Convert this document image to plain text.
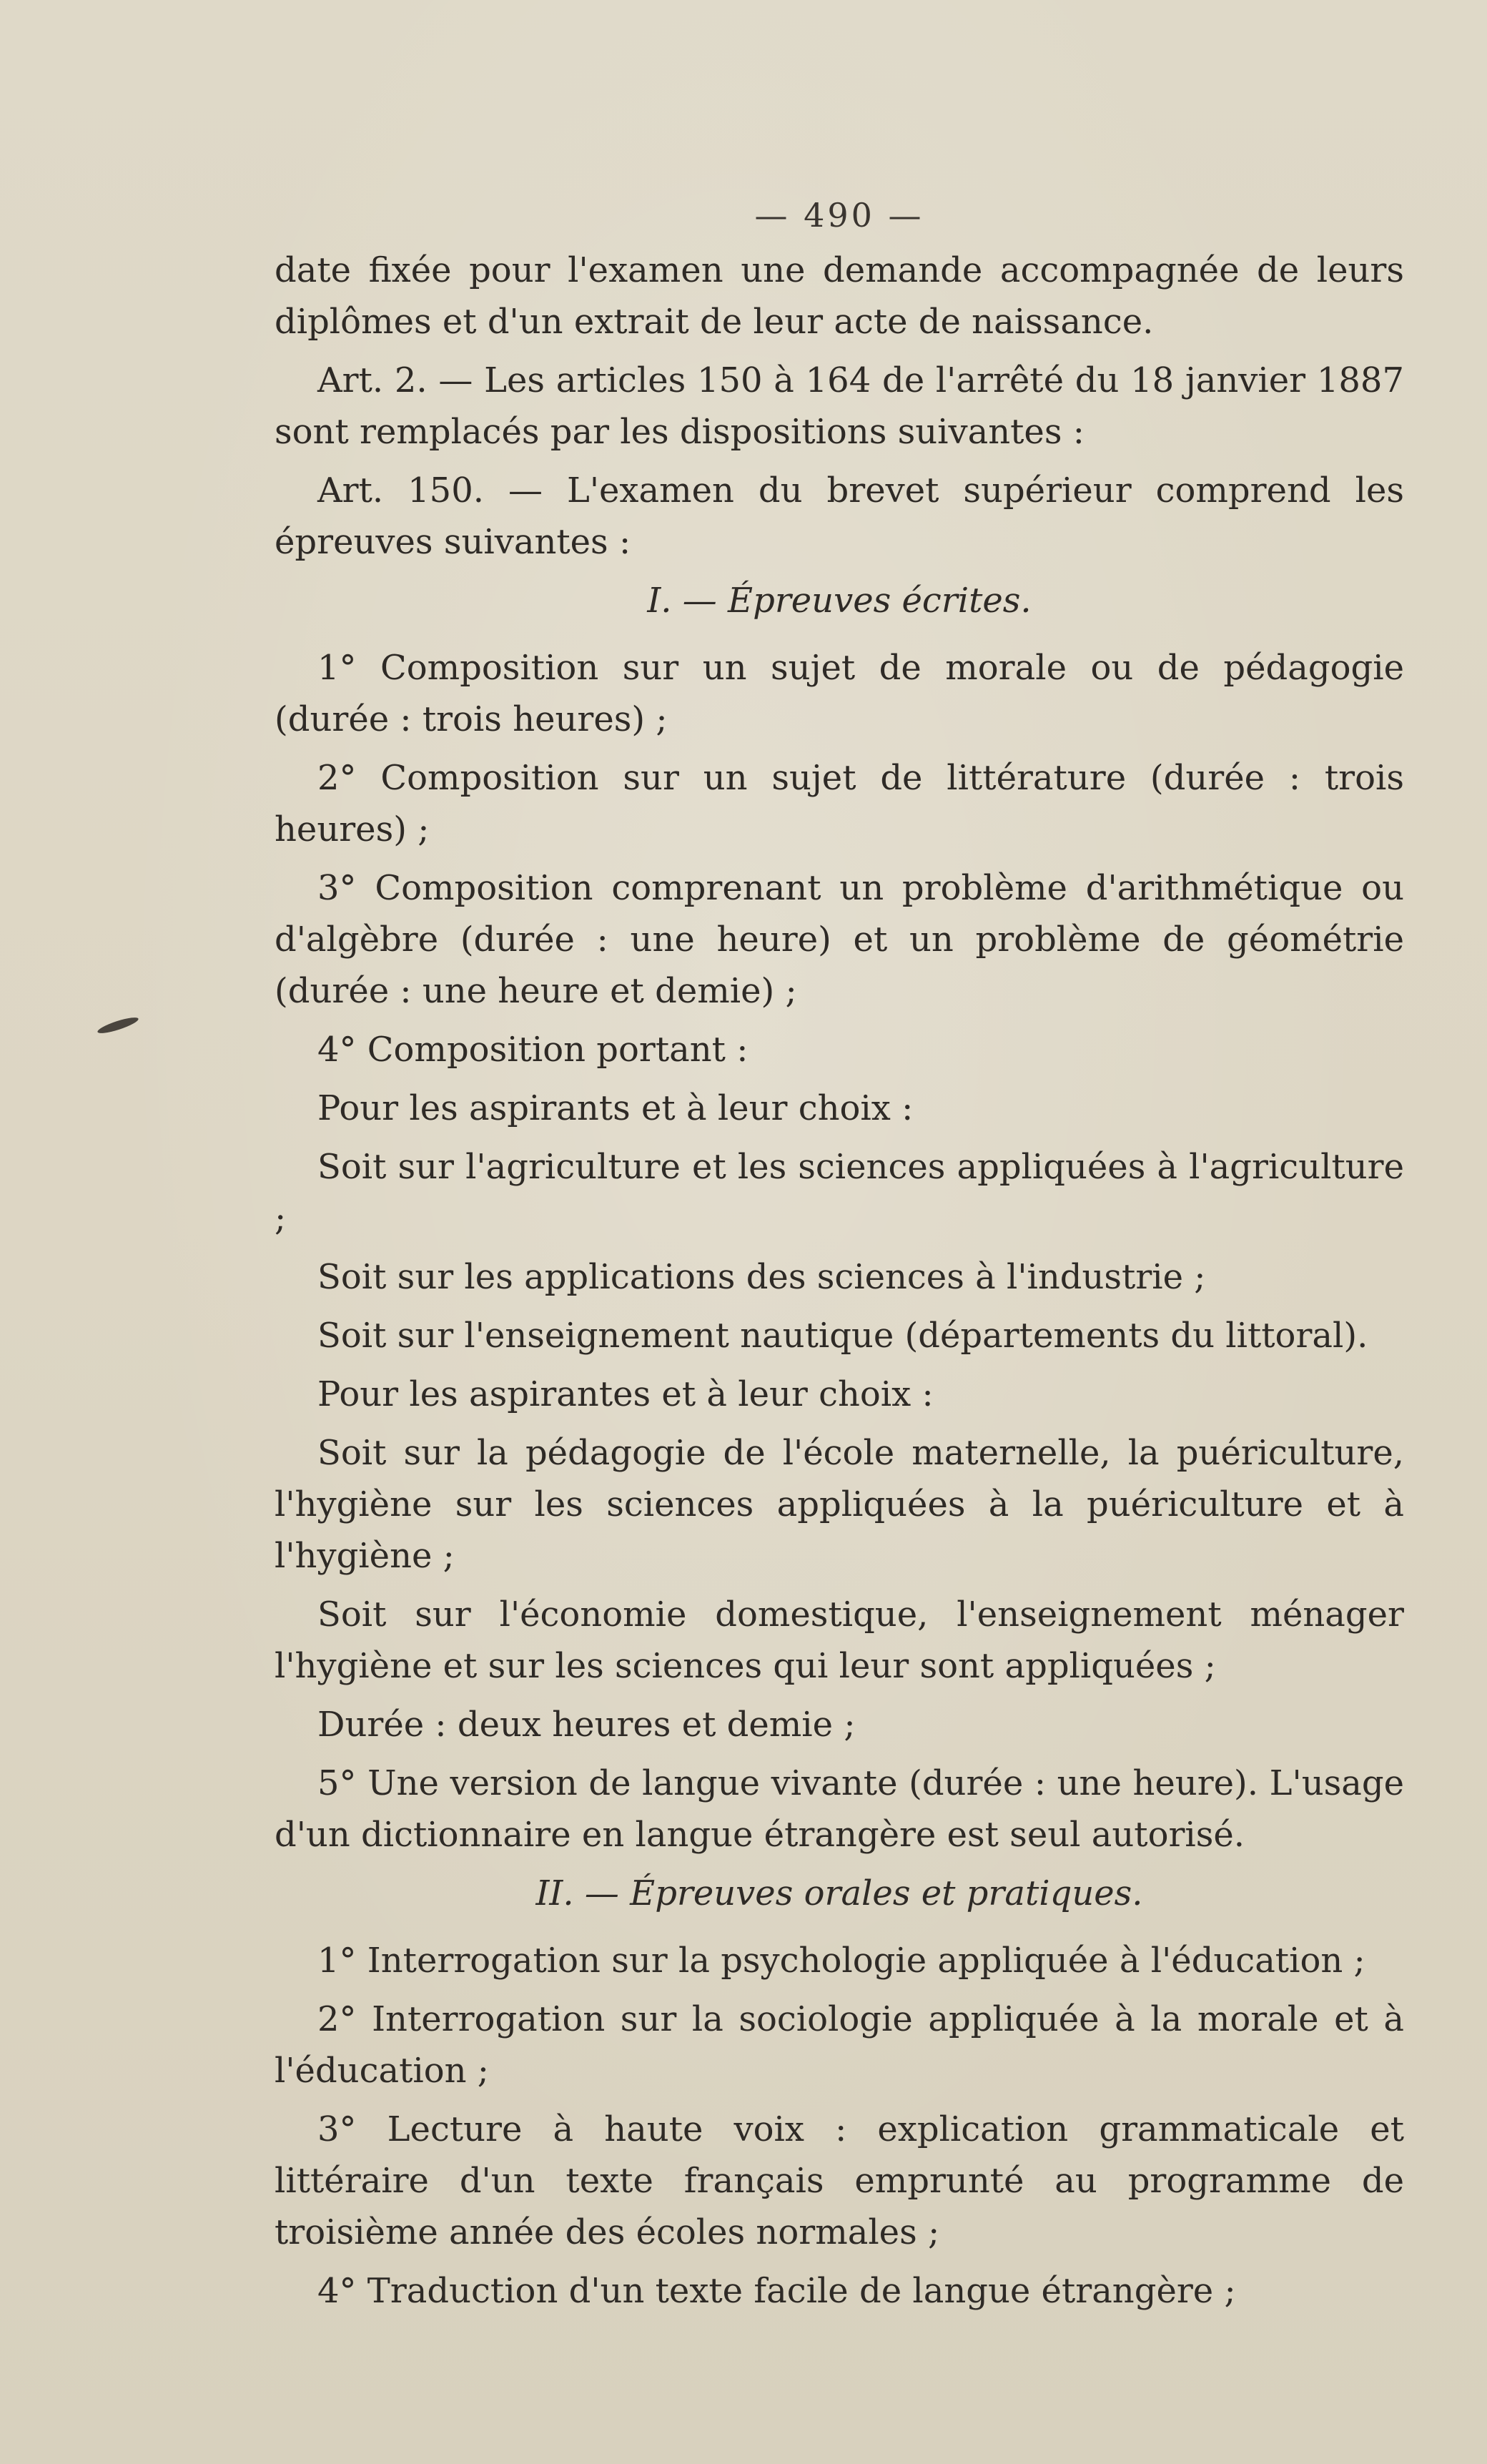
— 490 —

date fixée pour l'examen une demande accompagnée de leurs diplômes et d'un extrait de leur acte de naissance.

Art. 2. — Les articles 150 à 164 de l'arrêté du 18 janvier 1887 sont remplacés par les dispositions suivantes :

Art. 150. — L'examen du brevet supérieur comprend les épreuves suivantes :

I. — Épreuves écrites.

1° Composition sur un sujet de morale ou de pédagogie (durée : trois heures) ;

2° Composition sur un sujet de littérature (durée : trois heures) ;

3° Composition comprenant un problème d'arithmétique ou d'algèbre (durée : une heure) et un problème de géométrie (durée : une heure et demie) ;

4° Composition portant :

Pour les aspirants et à leur choix :

Soit sur l'agriculture et les sciences appliquées à l'agriculture ;

Soit sur les applications des sciences à l'industrie ;

Soit sur l'enseignement nautique (départements du littoral).

Pour les aspirantes et à leur choix :

Soit sur la pédagogie de l'école maternelle, la puériculture, l'hygiène sur les sciences appliquées à la puériculture et à l'hygiène ;

Soit sur l'économie domestique, l'enseignement ménager l'hygiène et sur les sciences qui leur sont appliquées ;

Durée : deux heures et demie ;

5° Une version de langue vivante (durée : une heure). L'usage d'un dictionnaire en langue étrangère est seul autorisé.

II. — Épreuves orales et pratiques.

1° Interrogation sur la psychologie appliquée à l'éducation ;

2° Interrogation sur la sociologie appliquée à la morale et à l'éducation ;

3° Lecture à haute voix : explication grammaticale et littéraire d'un texte français emprunté au programme de troisième année des écoles normales ;

4° Traduction d'un texte facile de langue étrangère ;
